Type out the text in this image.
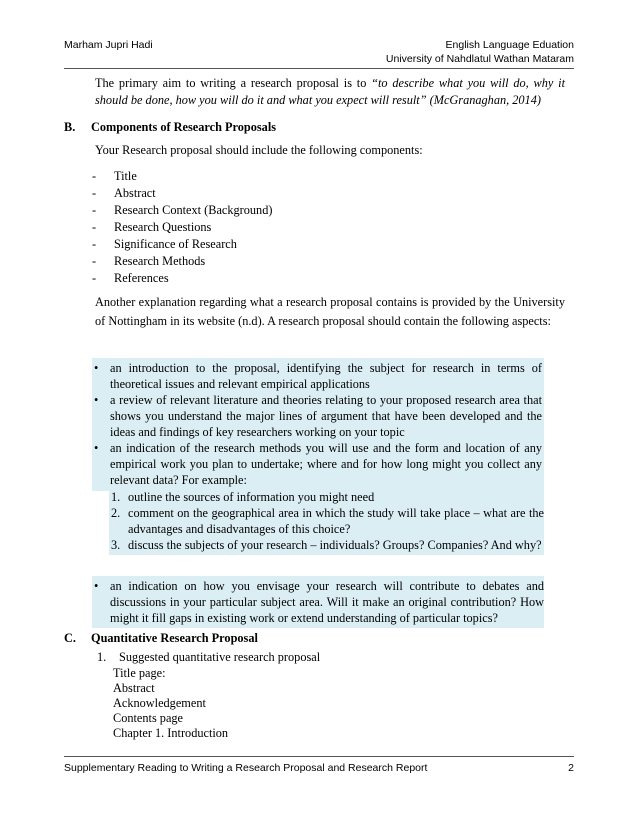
Marham Jupri Hadi	English Language Eduation
University of Nahdlatul Wathan Mataram
The primary aim to writing a research proposal is to “to describe what you will do, why it should be done, how you will do it and what you expect will result” (McGranaghan, 2014)
B. Components of Research Proposals
Your Research proposal should include the following components:
- Title
- Abstract
- Research Context (Background)
- Research Questions
- Significance of Research
- Research Methods
- References
Another explanation regarding what a research proposal contains is provided by the University of Nottingham in its website (n.d). A research proposal should contain the following aspects:
• an introduction to the proposal, identifying the subject for research in terms of theoretical issues and relevant empirical applications
• a review of relevant literature and theories relating to your proposed research area that shows you understand the major lines of argument that have been developed and the ideas and findings of key researchers working on your topic
• an indication of the research methods you will use and the form and location of any empirical work you plan to undertake; where and for how long might you collect any relevant data? For example:
1. outline the sources of information you might need
2. comment on the geographical area in which the study will take place – what are the advantages and disadvantages of this choice?
3. discuss the subjects of your research – individuals? Groups? Companies? And why?
• an indication on how you envisage your research will contribute to debates and discussions in your particular subject area. Will it make an original contribution? How might it fill gaps in existing work or extend understanding of particular topics?
C. Quantitative Research Proposal
1. Suggested quantitative research proposal
Title page:
Abstract
Acknowledgement
Contents page
Chapter 1. Introduction
Supplementary Reading to Writing a Research Proposal and Research Report	2
